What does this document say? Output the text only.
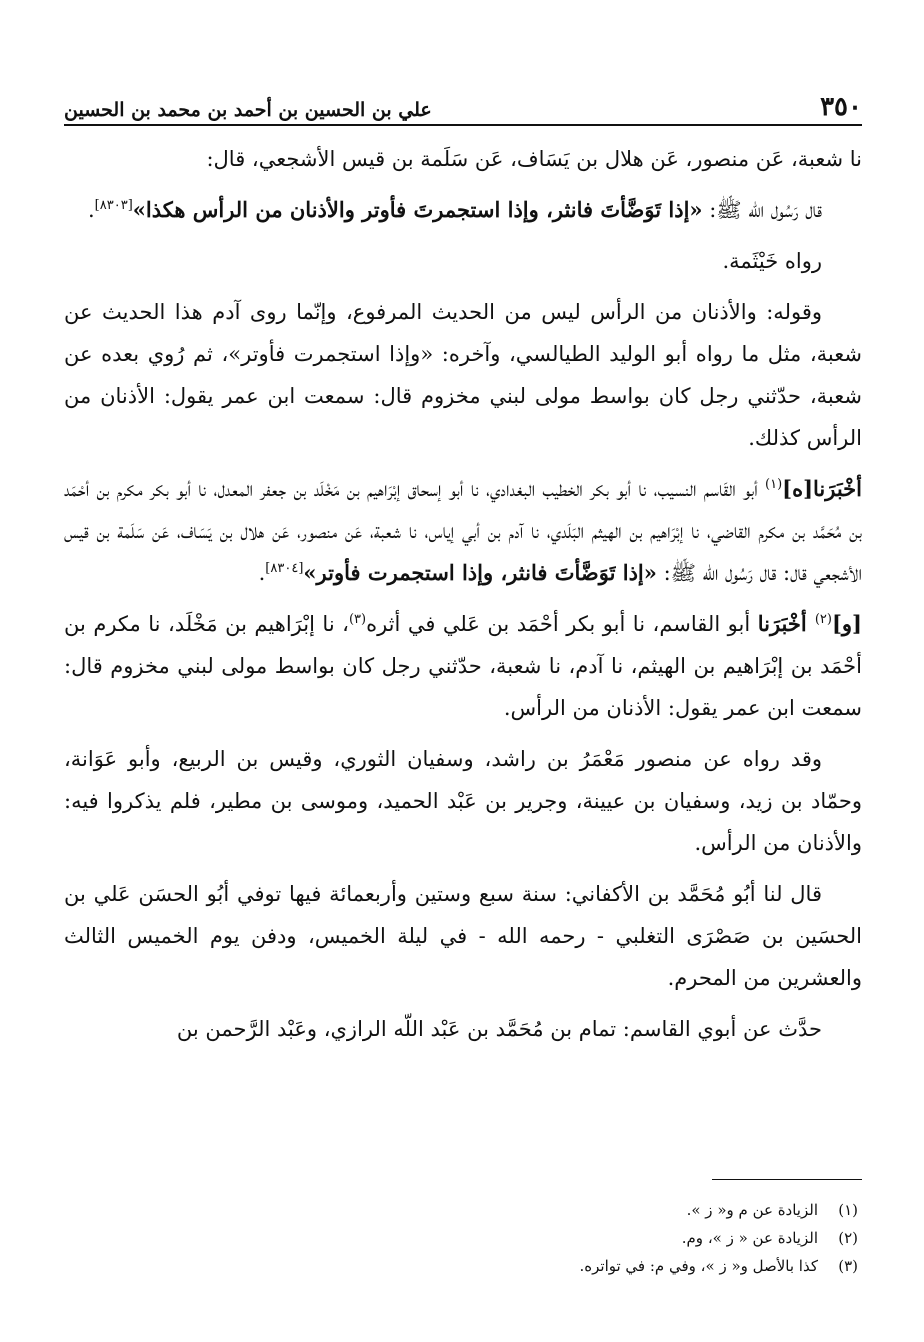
٣٥٠
علي بن الحسين بن أحمد بن محمد بن الحسين

نا شعبة، عَن منصور، عَن هلال بن يَسَاف، عَن سَلَمة بن قيس الأشجعي، قال:

قال رَسُول الله ﷺ: «إذا تَوَضَّأتَ فانثر، وإذا استجمرتَ فأوتر والأذنان من الرأس هكذا»[٨٣٠٣].

رواه خَيْثَمة.

وقوله: والأذنان من الرأس ليس من الحديث المرفوع، وإنّما روى آدم هذا الحديث عن شعبة، مثل ما رواه أبو الوليد الطيالسي، وآخره: «وإذا استجمرت فأوتر»، ثم رُوي بعده عن شعبة، حدّثني رجل كان بواسط مولى لبني مخزوم قال: سمعت ابن عمر يقول: الأذنان من الرأس كذلك.

أخْبَرَنا[ه]$^{(١)}$ أبو القَاسم النسيب، نا أبو بكر الخطيب البغدادي، نا أبو إسحاق إبْرَاهيم بن مَخْلَد بن جعفر المعدل، نا أبو بكر مكرم بن أحْمَد بن مُحَمَّد بن مكرم القاضي، نا إبْرَاهيم بن الهيثم البَلَدي، نا آدم بن أبي إياس، نا شعبة، عَن منصور، عَن هلال بن يَسَاف، عَن سَلَمة بن قيس الأشجعي قال: قال رَسُول الله ﷺ: «إذا تَوَضَّأتَ فانثر، وإذا استجمرت فأوتر»[٨٣٠٤].

[و]$^{(٢)}$ أخْبَرَنا أبو القاسم، نا أبو بكر أحْمَد بن عَلي في أثره$^{(٣)}$، نا إبْرَاهيم بن مَخْلَد، نا مكرم بن أحْمَد بن إبْرَاهيم بن الهيثم، نا آدم، نا شعبة، حدّثني رجل كان بواسط مولى لبني مخزوم قال: سمعت ابن عمر يقول: الأذنان من الرأس.

وقد رواه عن منصور مَعْمَرُ بن راشد، وسفيان الثوري، وقيس بن الربيع، وأبو عَوَانة، وحمّاد بن زيد، وسفيان بن عيينة، وجرير بن عَبْد الحميد، وموسى بن مطير، فلم يذكروا فيه: والأذنان من الرأس.

قال لنا أبُو مُحَمَّد بن الأكفاني: سنة سبع وستين وأربعمائة فيها توفي أبُو الحسَن عَلي بن الحسَين بن صَصْرَى التغلبي - رحمه الله - في ليلة الخميس، ودفن يوم الخميس الثالث والعشرين من المحرم.

حدَّث عن أبوي القاسم: تمام بن مُحَمَّد بن عَبْد اللّه الرازي، وعَبْد الرَّحمن بن

(١)
الزيادة عن م و« ز ».
(٢)
الزيادة عن « ز »، وم.
(٣)
كذا بالأصل و« ز »، وفي م: في تواتره.
